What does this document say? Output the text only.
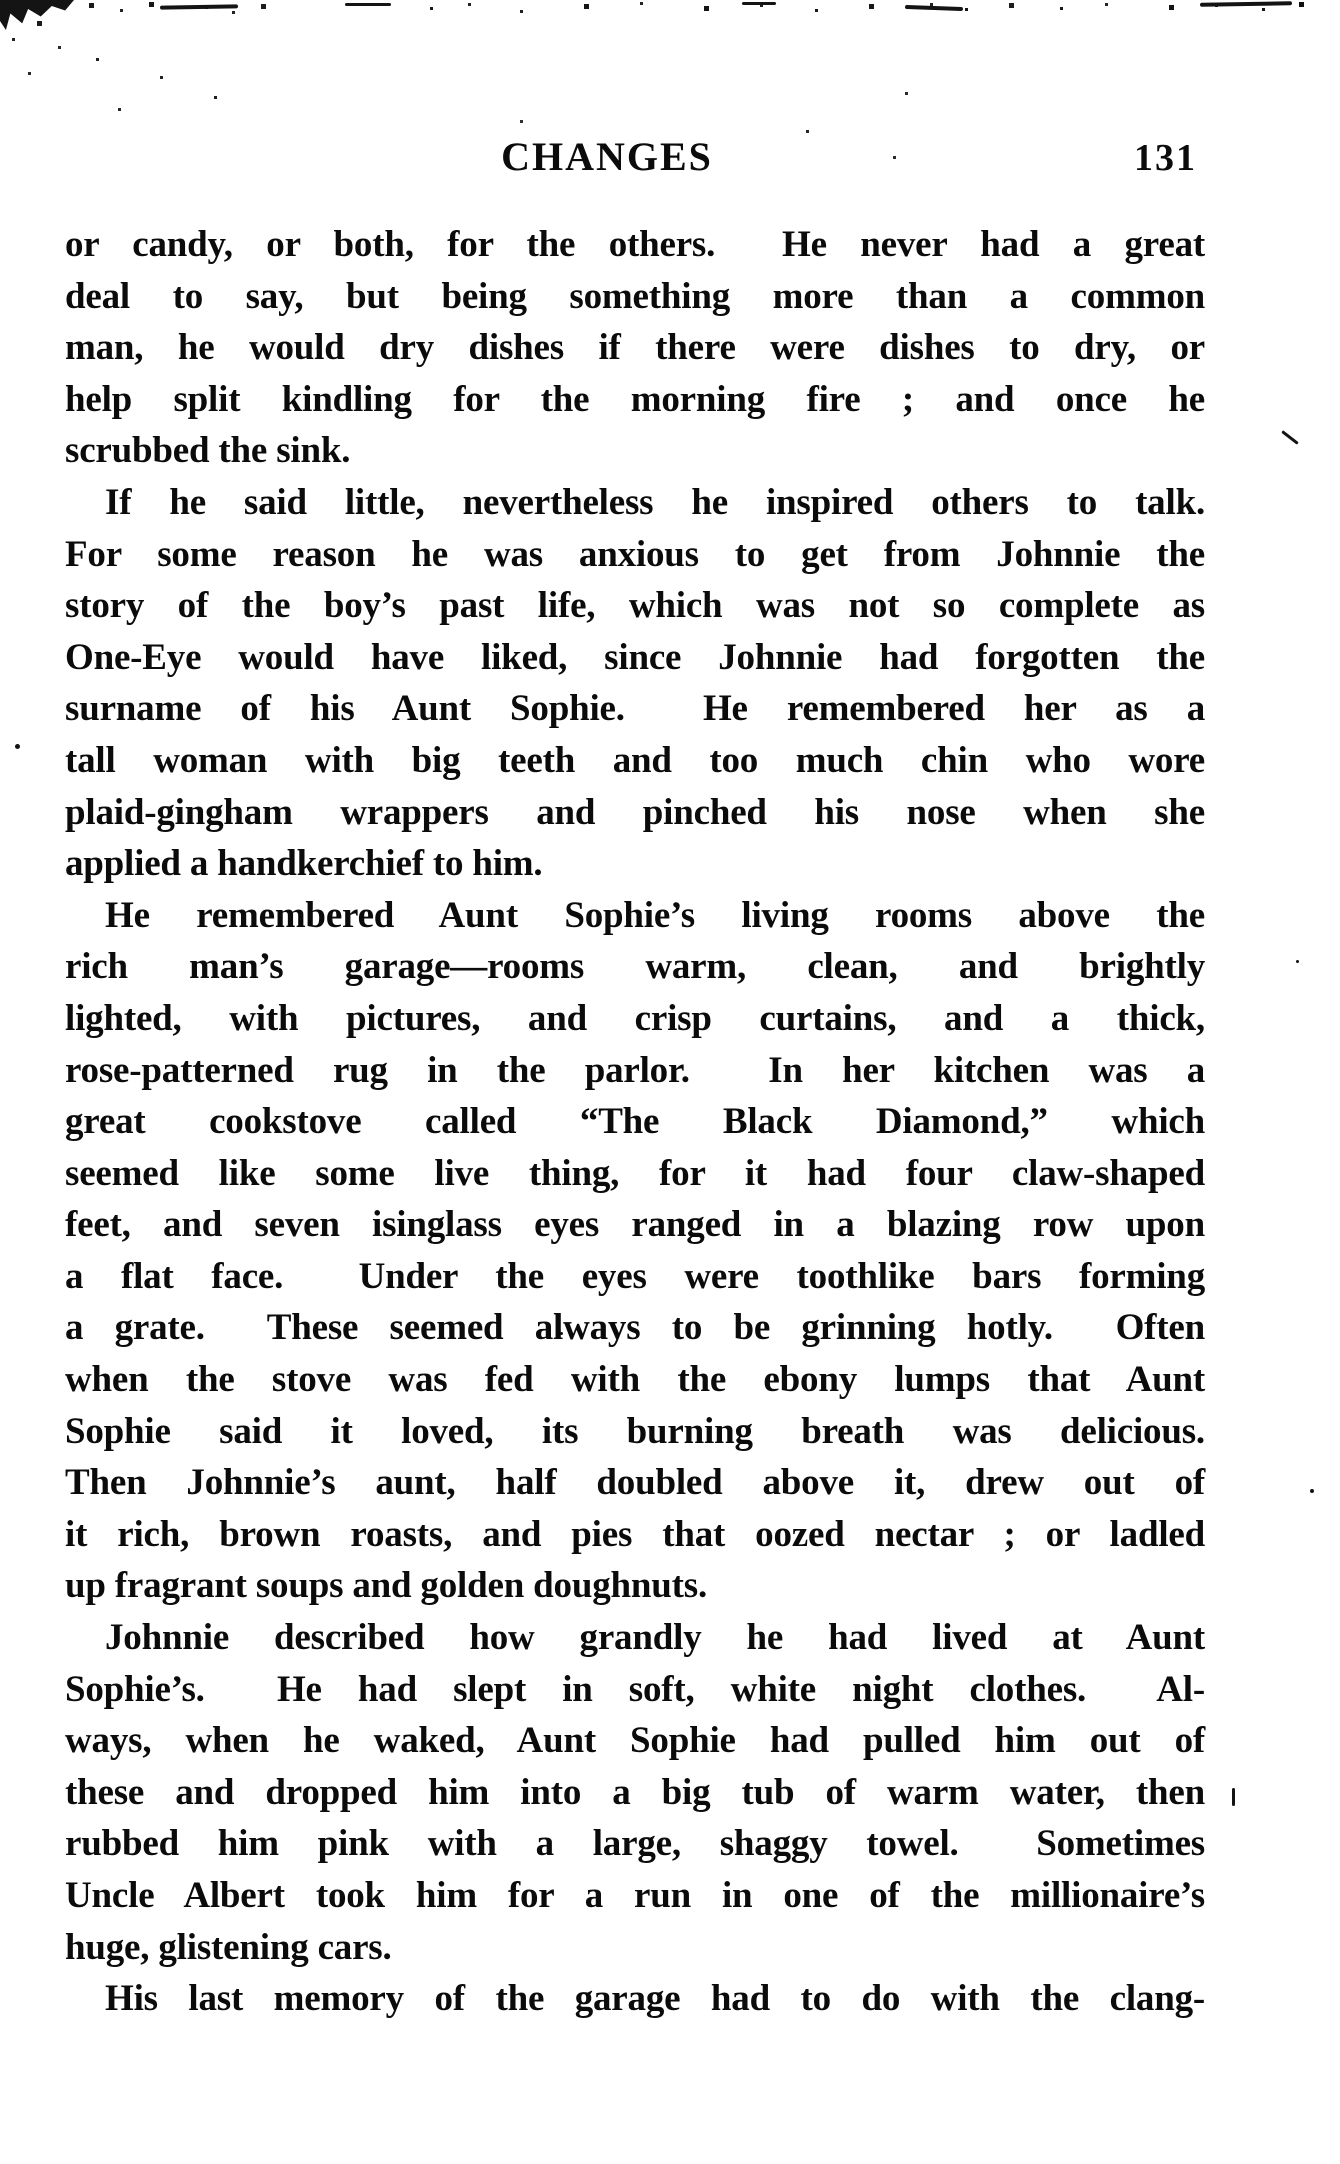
CHANGES	131
or candy, or both, for the others.  He never had a great
deal to say, but being something more than a common
man, he would dry dishes if there were dishes to dry, or
help split kindling for the morning fire ; and once he
scrubbed the sink.
If he said little, nevertheless he inspired others to talk.
For some reason he was anxious to get from Johnnie the
story of the boy’s past life, which was not so complete as
One-Eye would have liked, since Johnnie had forgotten the
surname of his Aunt Sophie.  He remembered her as a
tall woman with big teeth and too much chin who wore
plaid-gingham wrappers and pinched his nose when she
applied a handkerchief to him.
He remembered Aunt Sophie’s living rooms above the
rich man’s garage—rooms warm, clean, and brightly
lighted, with pictures, and crisp curtains, and a thick,
rose-patterned rug in the parlor.  In her kitchen was a
great cookstove called “The Black Diamond,” which
seemed like some live thing, for it had four claw-shaped
feet, and seven isinglass eyes ranged in a blazing row upon
a flat face.  Under the eyes were toothlike bars forming
a grate.  These seemed always to be grinning hotly.  Often
when the stove was fed with the ebony lumps that Aunt
Sophie said it loved, its burning breath was delicious.
Then Johnnie’s aunt, half doubled above it, drew out of
it rich, brown roasts, and pies that oozed nectar ; or ladled
up fragrant soups and golden doughnuts.
Johnnie described how grandly he had lived at Aunt
Sophie’s.  He had slept in soft, white night clothes.  Al-
ways, when he waked, Aunt Sophie had pulled him out of
these and dropped him into a big tub of warm water, then
rubbed him pink with a large, shaggy towel.  Sometimes
Uncle Albert took him for a run in one of the millionaire’s
huge, glistening cars.
His last memory of the garage had to do with the clang-
